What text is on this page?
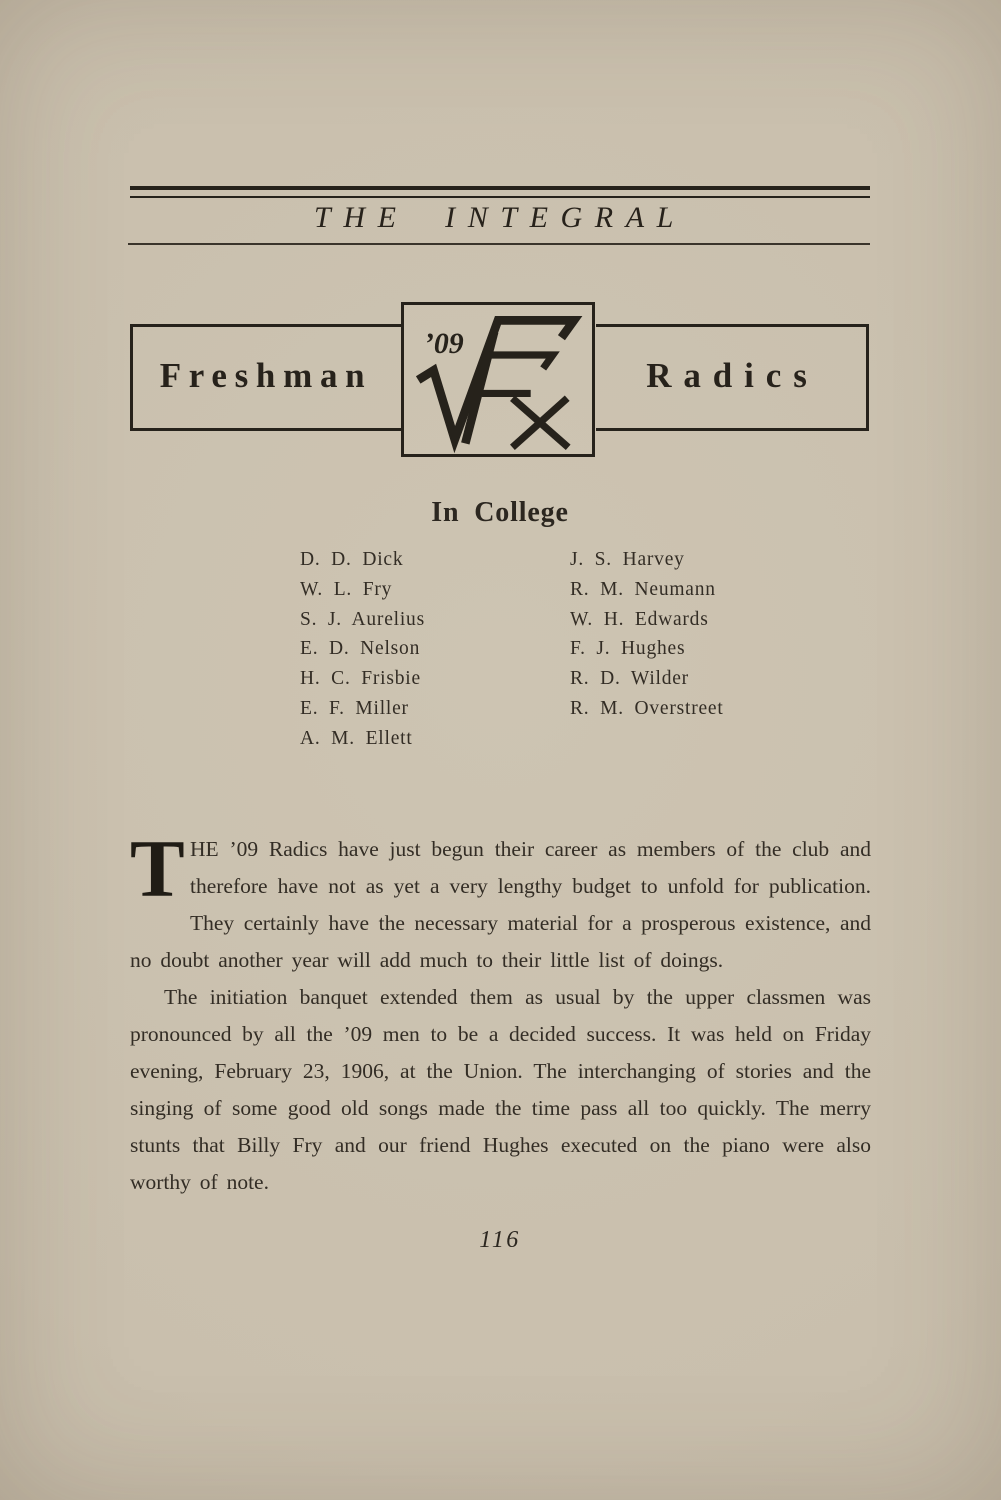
THE INTEGRAL
Freshman	Radics
’09
In College
D. D. Dick
W. L. Fry
S. J. Aurelius
E. D. Nelson
H. C. Frisbie
E. F. Miller
A. M. Ellett
J. S. Harvey
R. M. Neumann
W. H. Edwards
F. J. Hughes
R. D. Wilder
R. M. Overstreet

THE ’09 Radics have just begun their career as members of the club and therefore have not as yet a very lengthy budget to unfold for publication. They certainly have the necessary material for a prosperous existence, and no doubt another year will add much to their little list of doings.

The initiation banquet extended them as usual by the upper classmen was pronounced by all the ’09 men to be a decided success. It was held on Friday evening, February 23, 1906, at the Union. The interchanging of stories and the singing of some good old songs made the time pass all too quickly. The merry stunts that Billy Fry and our friend Hughes executed on the piano were also worthy of note.

116
